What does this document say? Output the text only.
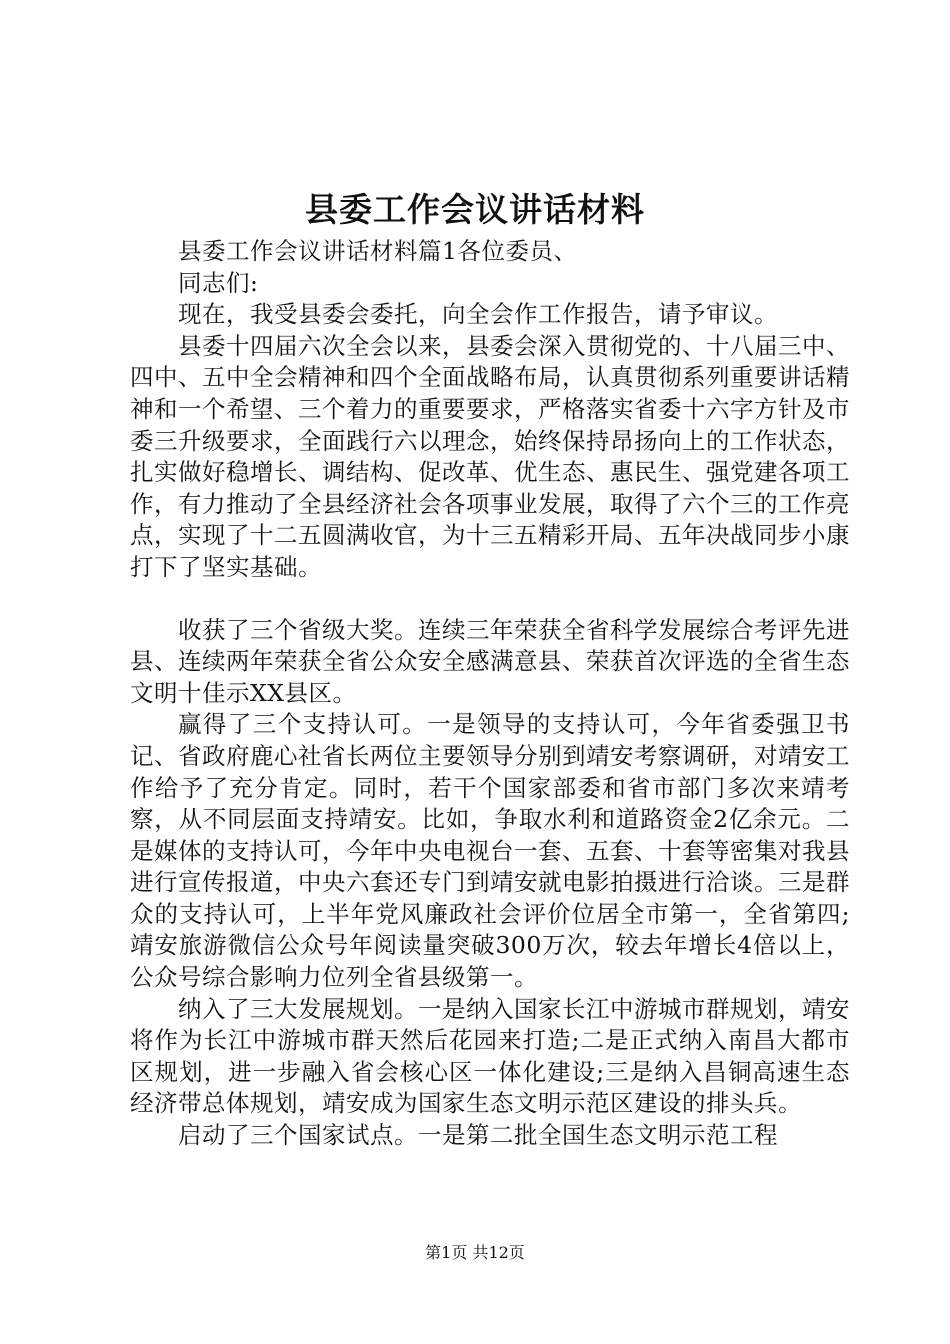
县委工作会议讲话材料

县委工作会议讲话材料篇1各位委员、

同志们:

现在，我受县委会委托，向全会作工作报告，请予审议。

县委十四届六次全会以来，县委会深入贯彻党的、十八届三中、四中、五中全会精神和四个全面战略布局，认真贯彻系列重要讲话精神和一个希望、三个着力的重要要求，严格落实省委十六字方针及市委三升级要求，全面践行六以理念，始终保持昂扬向上的工作状态，扎实做好稳增长、调结构、促改革、优生态、惠民生、强党建各项工作，有力推动了全县经济社会各项事业发展，取得了六个三的工作亮点，实现了十二五圆满收官，为十三五精彩开局、五年决战同步小康打下了坚实基础。

收获了三个省级大奖。连续三年荣获全省科学发展综合考评先进县、连续两年荣获全省公众安全感满意县、荣获首次评选的全省生态文明十佳示XX县区。

赢得了三个支持认可。一是领导的支持认可，今年省委强卫书记、省政府鹿心社省长两位主要领导分别到靖安考察调研，对靖安工作给予了充分肯定。同时，若干个国家部委和省市部门多次来靖考察，从不同层面支持靖安。比如，争取水利和道路资金2亿余元。二是媒体的支持认可，今年中央电视台一套、五套、十套等密集对我县进行宣传报道，中央六套还专门到靖安就电影拍摄进行洽谈。三是群众的支持认可，上半年党风廉政社会评价位居全市第一，全省第四;靖安旅游微信公众号年阅读量突破300万次，较去年增长4倍以上，公众号综合影响力位列全省县级第一。

纳入了三大发展规划。一是纳入国家长江中游城市群规划，靖安将作为长江中游城市群天然后花园来打造;二是正式纳入南昌大都市区规划，进一步融入省会核心区一体化建设;三是纳入昌铜高速生态经济带总体规划，靖安成为国家生态文明示范区建设的排头兵。

启动了三个国家试点。一是第二批全国生态文明示范工程

第1页 共12页
